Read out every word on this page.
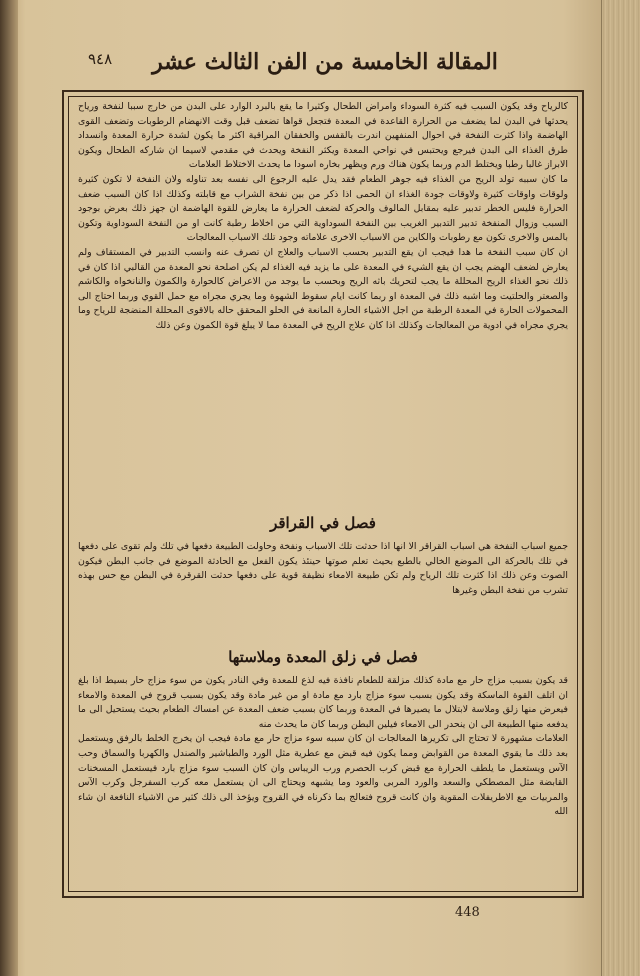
٩٤٨ المقالة الخامسة من الفن الثالث عشر

كالرياح وقد يكون السبب فيه كثرة السوداء وامراض الطحال وكثيرا ما يقع بالبرد الوارد على البدن من خارج سببا لنفخة ورياح يحدثها في البدن لما يضعف من الحرارة القاعدة في المعدة فتجعل قواها تضعف قبل وقت الانهضام الرطوبات وتضعف القوى الهاضمة واذا كثرت النفخة في احوال المنفهين اندرت بالقفس والخفقان المراقية اكثر ما يكون لشدة حرارة المعدة وانسداد طرق الغذاء الى البدن فيرجع ويحتبس في نواحي المعدة ويكثر النفخة ويحدث في مقدمي لاسيما ان شاركه الطحال ويكون الابراز غالبا رطبا ويختلط الدم وربما يكون هناك ورم ويظهر بخاره اسودا ما يحدث الاختلاط العلامات

ما كان سببه تولد الريح من الغذاء فيه جوهر الطعام فقد يدل عليه الرجوع الى نفسه بعد تناوله ولان النفخة لا تكون كثيرة ولوقات واوقات كثيرة ولاوقات جودة الغذاء ان الحمى اذا ذكر من بين نفخة الشراب مع قابلته وكذلك اذا كان السبب ضعف الحرارة فليس الخطر تدبير عليه بمقابل المالوف والحركة لضعف الحرارة ما يعارض للقوة الهاضمة ان جهز ذلك بعرض بوجود السبب وزوال المنفخة تدبير التدبير الغريب بين النفخة السوداوية التي من اخلاط رطبة كانت او من النفخة السوداوية وتكون بالمس والاخرى تكون مع رطوبات والكاين من الاسباب الاخرى علاماته وجود تلك الاسباب المعالجات

ان كان سبب النفخة ما هدا فيجب ان يقع التدبير بحسب الاسباب والعلاج ان تصرف عنه وانسب التدبير في المستقاف ولم يعارض لضعف الهضم يجب ان يقع الشيء في المعدة على ما يزيد فيه الغذاء لم يكن اصلحة نحو المعدة من القالبي اذا كان في ذلك نحو الغذاء الريح المحللة ما يجب لتحريك باثه الريح وبحسب ما يوجد من الاعراض كالحوارة والكمون والنانخواه والكاشم والصعتر والحلتيت وما اشبه ذلك في المعدة او ربما كانت ايام سقوط الشهوة وما يجري مجراه مع حمل القوي وربما احتاج الى المحمولات الحارة في المعدة الرطبة من اجل الاشياء الحارة المانعة في الحلو المحقق حاله بالاقوى المحللة المنضجة للرياح وما يجري مجراه في ادوية من المعالجات وكذلك اذا كان علاج الريح في المعدة مما لا يبلغ قوة الكمون وعن ذلك

فصل في القراقر

جميع اسباب النفخة هي اسباب القراقر الا انها اذا حدثت تلك الاسباب ونفخة وحاولت الطبيعة دفعها في تلك ولم تقوى على دفعها في تلك بالحركة الى الموضع الخالي بالطبع بحيث تعلم صوتها حينئذ يكون الفعل مع الحادثة الموضع في جانب البطن فيكون الصوت وعن ذلك اذا كثرت تلك الرياح ولم تكن طبيعة الامعاء نظيفة قوية على دفعها حدثت القرقرة في البطن مع حس بهذه تشرب من نفخة البطن وغيرها

فصل في زلق المعدة وملاستها

قد يكون بسبب مزاج حار مع مادة كذلك مزلقة للطعام نافذة فيه لذع للمعدة وفي النادر يكون من سوء مزاج حار بسيط اذا بلغ ان اتلف القوة الماسكة وقد يكون بسبب سوء مزاج بارد مع مادة او من غير مادة وقد يكون بسبب قروح في المعدة والامعاء فيعرض منها زلق وملاسة لابتلال ما يصيرها في المعدة وربما كان بسبب ضعف المعدة عن امساك الطعام بحيث يستحيل الى ما يدفعه منها الطبيعة الى ان ينحدر الى الامعاء فيلين البطن وربما كان ما يحدث منه

العلامات مشهورة لا تحتاج الى تكريرها المعالجات ان كان سببه سوء مزاج حار مع مادة فيجب ان يخرج الخلط بالرفق ويستعمل بعد ذلك ما يقوي المعدة من القوابض ومما يكون فيه قبض مع عطرية مثل الورد والطباشير والصندل والكهربا والسماق وحب الآس ويستعمل ما يلطف الحرارة مع قبض كرب الحصرم ورب الريباس وان كان السبب سوء مزاج بارد فيستعمل المسخنات القابضة مثل المصطكي والسعد والورد المربى والعود وما يشبهه ويحتاج الى ان يستعمل معه كرب السفرجل وكرب الآس والمربيات مع الاطريفلات المقوية وان كانت قروح فتعالج بما ذكرناه في القروح ويؤخذ الى ذلك كثير من الاشياء النافعة ان شاء الله

448
